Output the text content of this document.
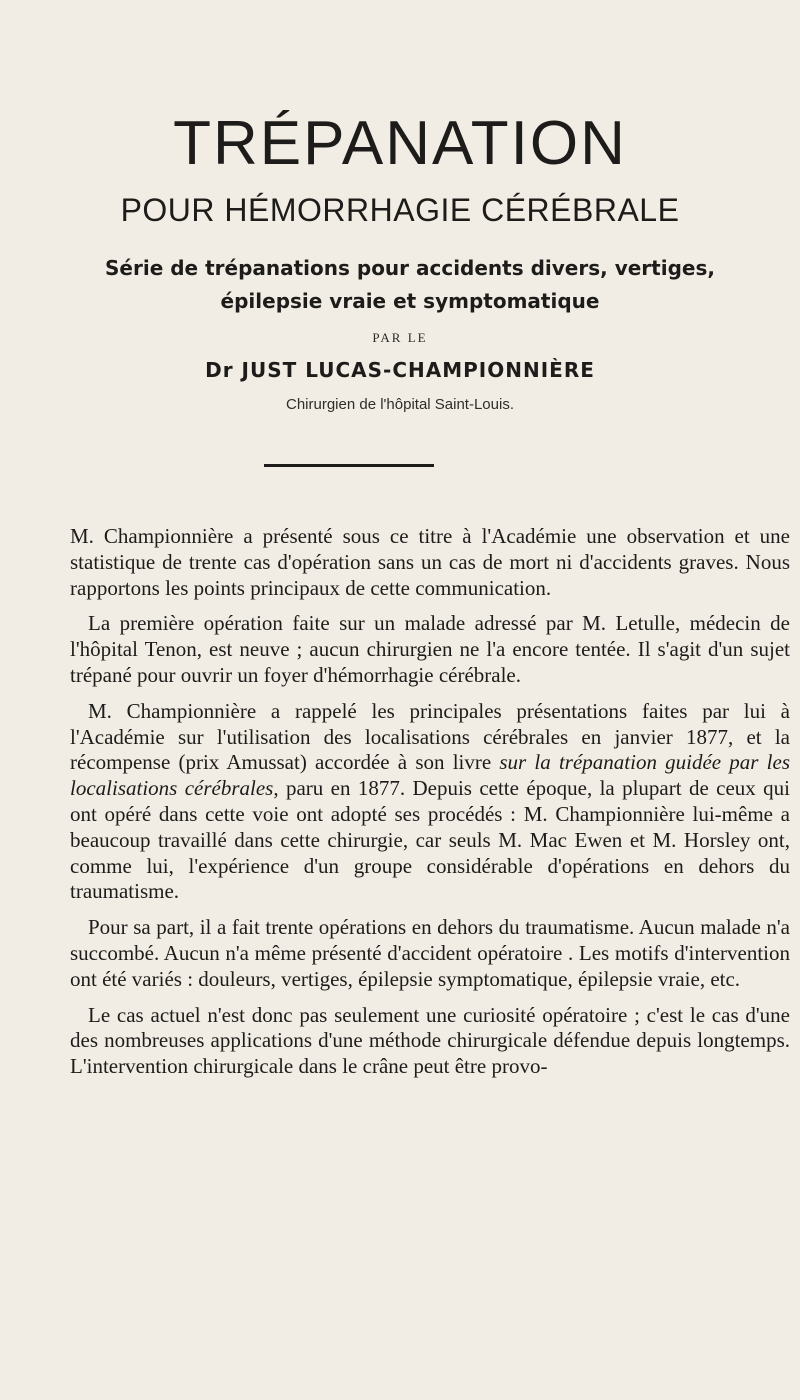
TRÉPANATION
POUR HÉMORRHAGIE CÉRÉBRALE
Série de trépanations pour accidents divers, vertiges,
épilepsie vraie et symptomatique
PAR LE
Dr JUST LUCAS-CHAMPIONNIÈRE
Chirurgien de l'hôpital Saint-Louis.

M. Championnière a présenté sous ce titre à l'Académie une observation et une statistique de trente cas d'opération sans un cas de mort ni d'accidents graves. Nous rapportons les points principaux de cette communication.

La première opération faite sur un malade adressé par M. Letulle, médecin de l'hôpital Tenon, est neuve ; aucun chirurgien ne l'a encore tentée. Il s'agit d'un sujet trépané pour ouvrir un foyer d'hémorrhagie cérébrale.

M. Championnière a rappelé les principales présentations faites par lui à l'Académie sur l'utilisation des localisations cérébrales en janvier 1877, et la récompense (prix Amussat) accordée à son livre sur la trépanation guidée par les localisations cérébrales, paru en 1877. Depuis cette époque, la plupart de ceux qui ont opéré dans cette voie ont adopté ses procédés : M. Championnière lui-même a beaucoup travaillé dans cette chirurgie, car seuls M. Mac Ewen et M. Horsley ont, comme lui, l'expérience d'un groupe considérable d'opérations en dehors du traumatisme.

Pour sa part, il a fait trente opérations en dehors du traumatisme. Aucun malade n'a succombé. Aucun n'a même présenté d'accident opératoire . Les motifs d'intervention ont été variés : douleurs, vertiges, épilepsie symptomatique, épilepsie vraie, etc.

Le cas actuel n'est donc pas seulement une curiosité opératoire ; c'est le cas d'une des nombreuses applications d'une méthode chirurgicale défendue depuis longtemps. L'intervention chirurgicale dans le crâne peut être provo-
